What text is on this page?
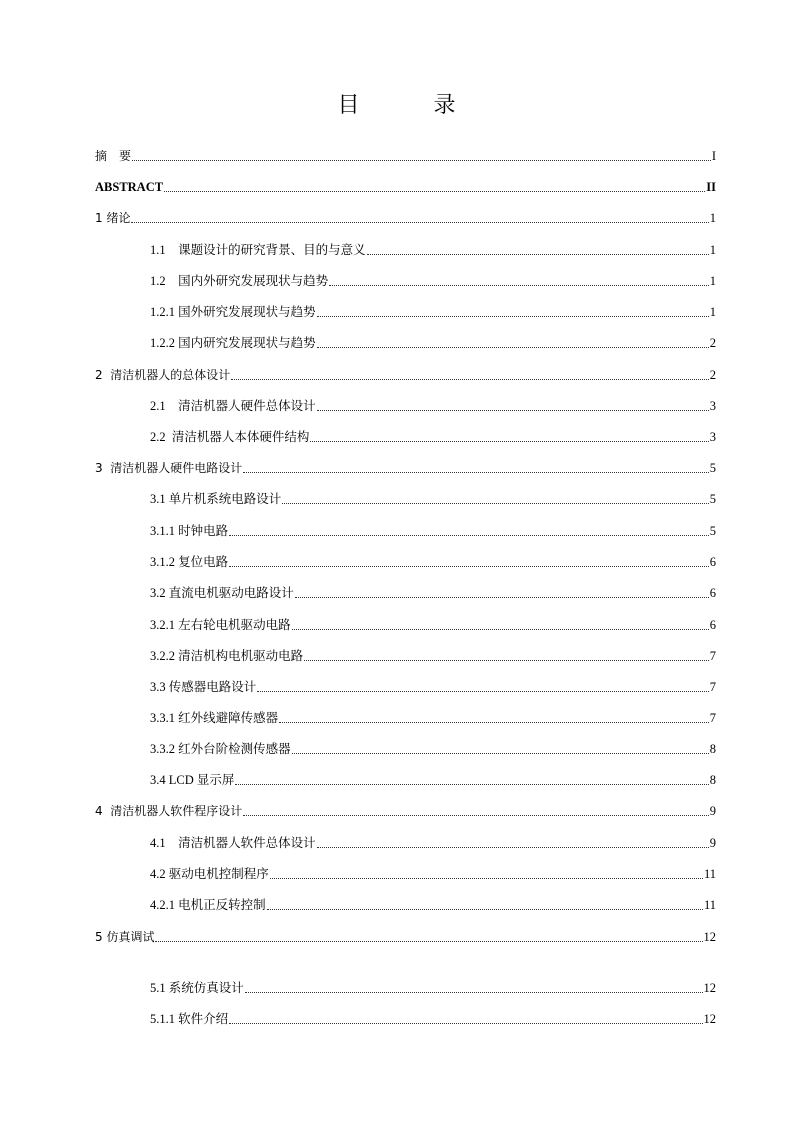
目　录
摘　要	I
ABSTRACT	II
1 绪论	1
1.1    课题设计的研究背景、目的与意义	1
1.2    国内外研究发展现状与趋势	1
1.2.1 国外研究发展现状与趋势	1
1.2.2 国内研究发展现状与趋势	2
2  清洁机器人的总体设计	2
2.1    清洁机器人硬件总体设计	3
2.2  清洁机器人本体硬件结构	3
3  清洁机器人硬件电路设计	5
3.1 单片机系统电路设计	5
3.1.1 时钟电路	5
3.1.2 复位电路	6
3.2 直流电机驱动电路设计	6
3.2.1 左右轮电机驱动电路	6
3.2.2 清洁机构电机驱动电路	7
3.3 传感器电路设计	7
3.3.1 红外线避障传感器	7
3.3.2 红外台阶检测传感器	8
3.4 LCD 显示屏	8
4  清洁机器人软件程序设计	9
4.1    清洁机器人软件总体设计	9
4.2 驱动电机控制程序	11
4.2.1 电机正反转控制	11
5 仿真调试	12
5.1 系统仿真设计	12
5.1.1 软件介绍	12
